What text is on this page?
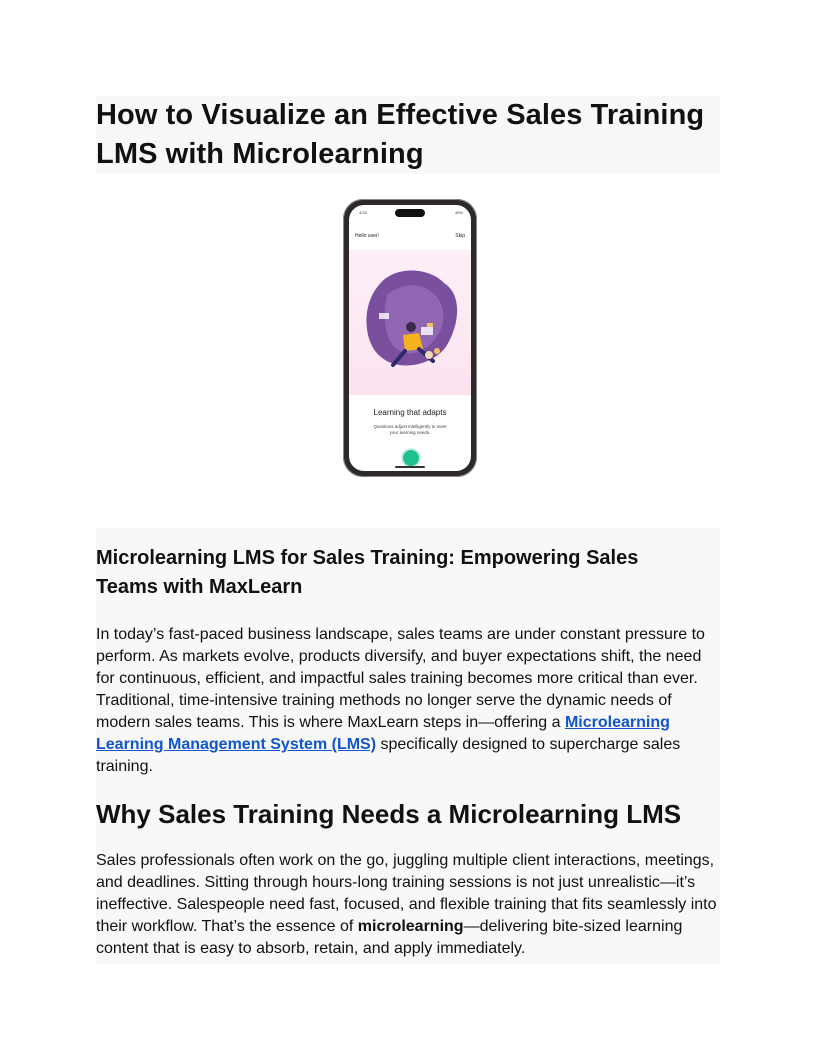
How to Visualize an Effective Sales Training LMS with Microlearning
4:53	45%
Hello user!	Skip
Learning that adapts
Questions adjust intelligently to meet your learning needs.
Microlearning LMS for Sales Training: Empowering Sales Teams with MaxLearn

In today’s fast-paced business landscape, sales teams are under constant pressure to perform. As markets evolve, products diversify, and buyer expectations shift, the need for continuous, efficient, and impactful sales training becomes more critical than ever. Traditional, time-intensive training methods no longer serve the dynamic needs of modern sales teams. This is where MaxLearn steps in—offering a Microlearning Learning Management System (LMS) specifically designed to supercharge sales training.

Why Sales Training Needs a Microlearning LMS

Sales professionals often work on the go, juggling multiple client interactions, meetings, and deadlines. Sitting through hours-long training sessions is not just unrealistic—it’s ineffective. Salespeople need fast, focused, and flexible training that fits seamlessly into their workflow. That’s the essence of microlearning—delivering bite-sized learning content that is easy to absorb, retain, and apply immediately.
